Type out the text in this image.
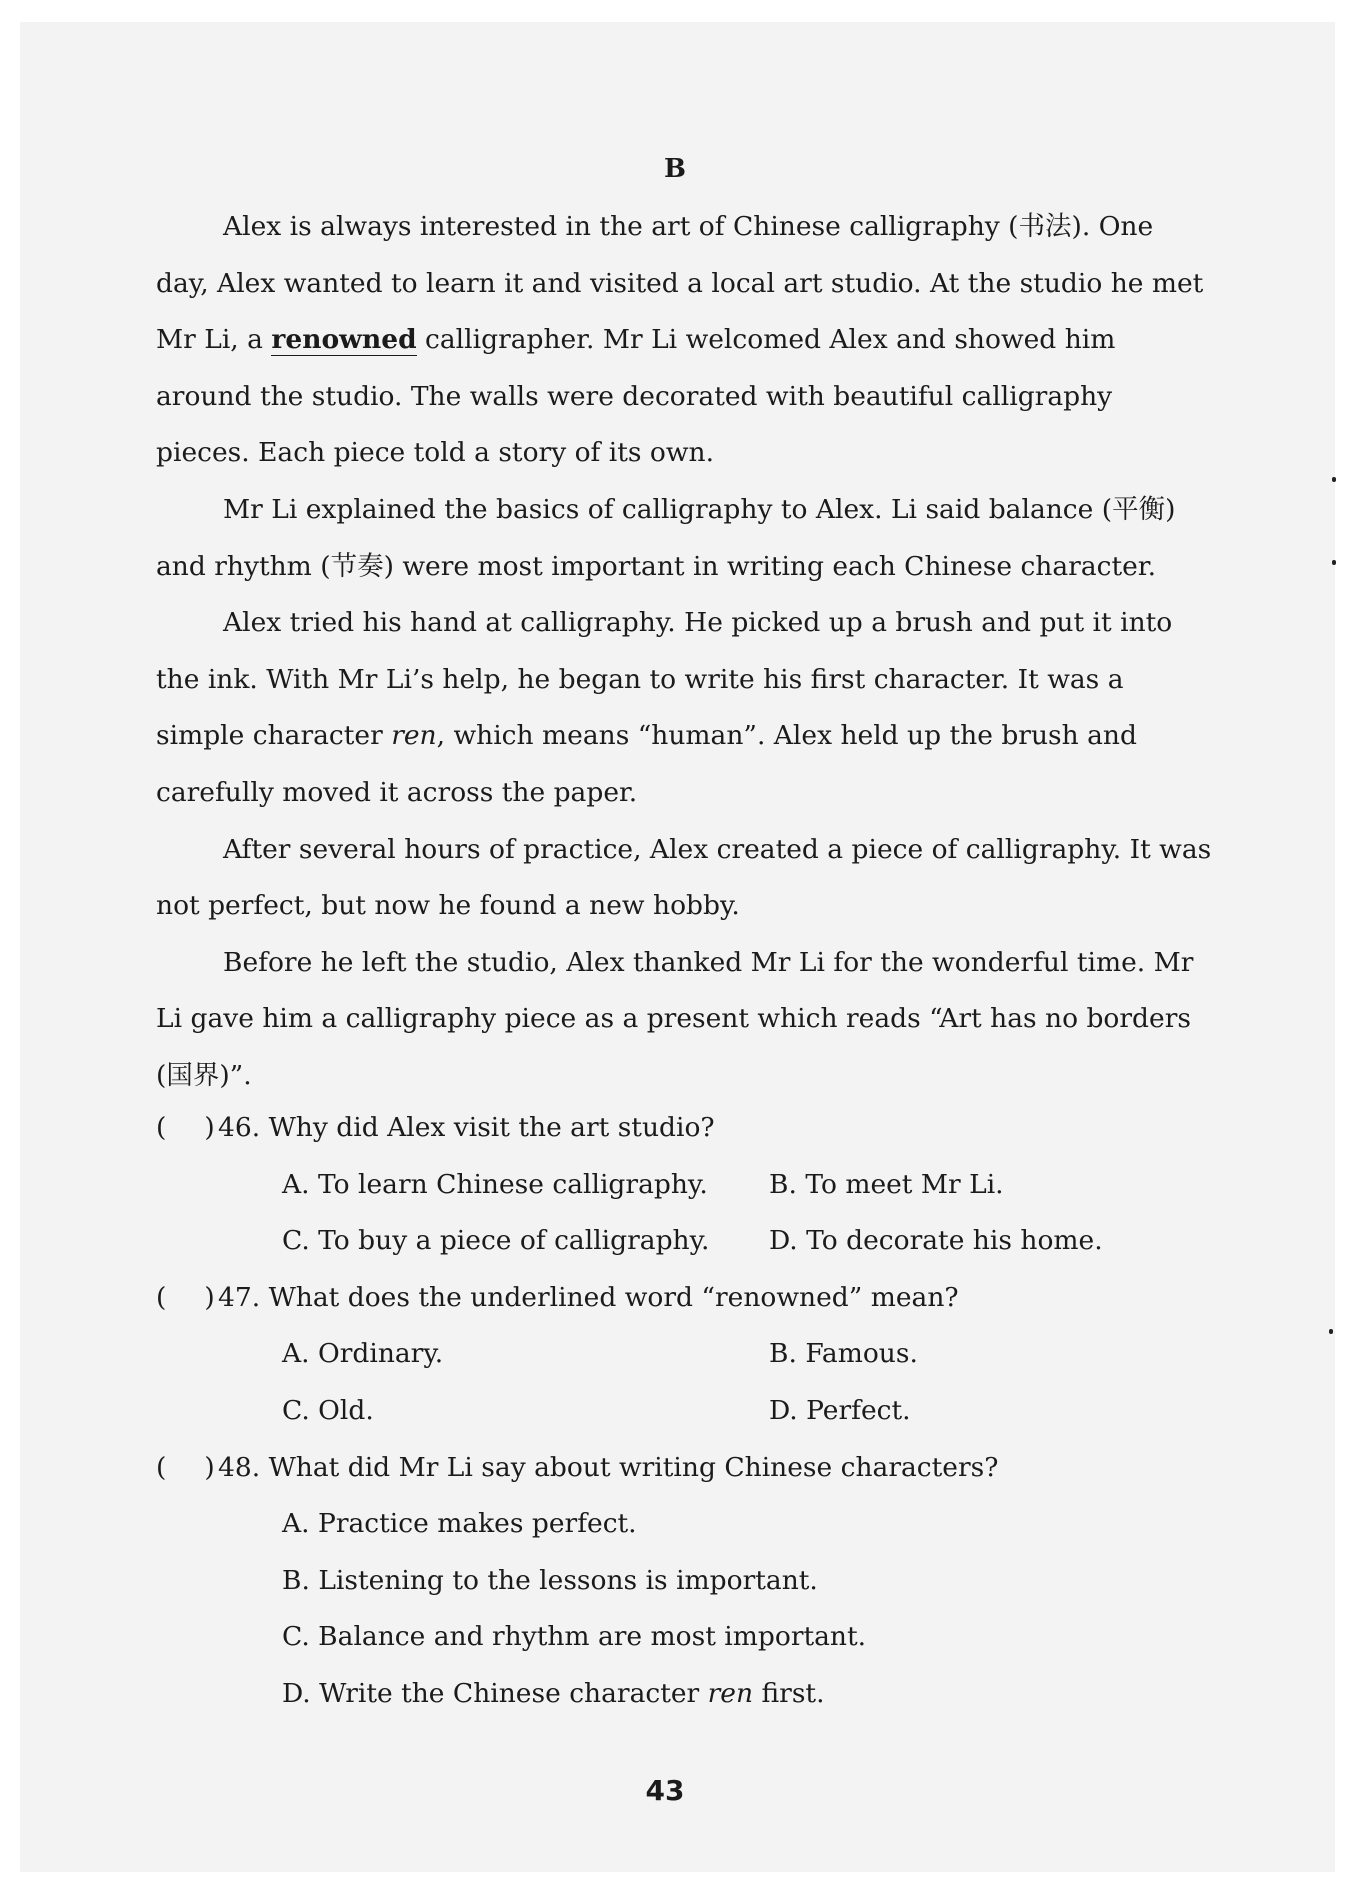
B

Alex is always interested in the art of Chinese calligraphy (书法). One day, Alex wanted to learn it and visited a local art studio. At the studio he met Mr Li, a renowned calligrapher. Mr Li welcomed Alex and showed him around the studio. The walls were decorated with beautiful calligraphy pieces. Each piece told a story of its own.

Mr Li explained the basics of calligraphy to Alex. Li said balance (平衡) and rhythm (节奏) were most important in writing each Chinese character.

Alex tried his hand at calligraphy. He picked up a brush and put it into the ink. With Mr Li’s help, he began to write his first character. It was a simple character ren, which means “human”. Alex held up the brush and carefully moved it across the paper.

After several hours of practice, Alex created a piece of calligraphy. It was not perfect, but now he found a new hobby.

Before he left the studio, Alex thanked Mr Li for the wonderful time. Mr Li gave him a calligraphy piece as a present which reads “Art has no borders (国界)”.

( ) 46. Why did Alex visit the art studio?
A. To learn Chinese calligraphy.	B. To meet Mr Li.
C. To buy a piece of calligraphy.	D. To decorate his home.
( ) 47. What does the underlined word “renowned” mean?
A. Ordinary.	B. Famous.
C. Old.	D. Perfect.
( ) 48. What did Mr Li say about writing Chinese characters?
A. Practice makes perfect.
B. Listening to the lessons is important.
C. Balance and rhythm are most important.
D. Write the Chinese character ren first.
43
